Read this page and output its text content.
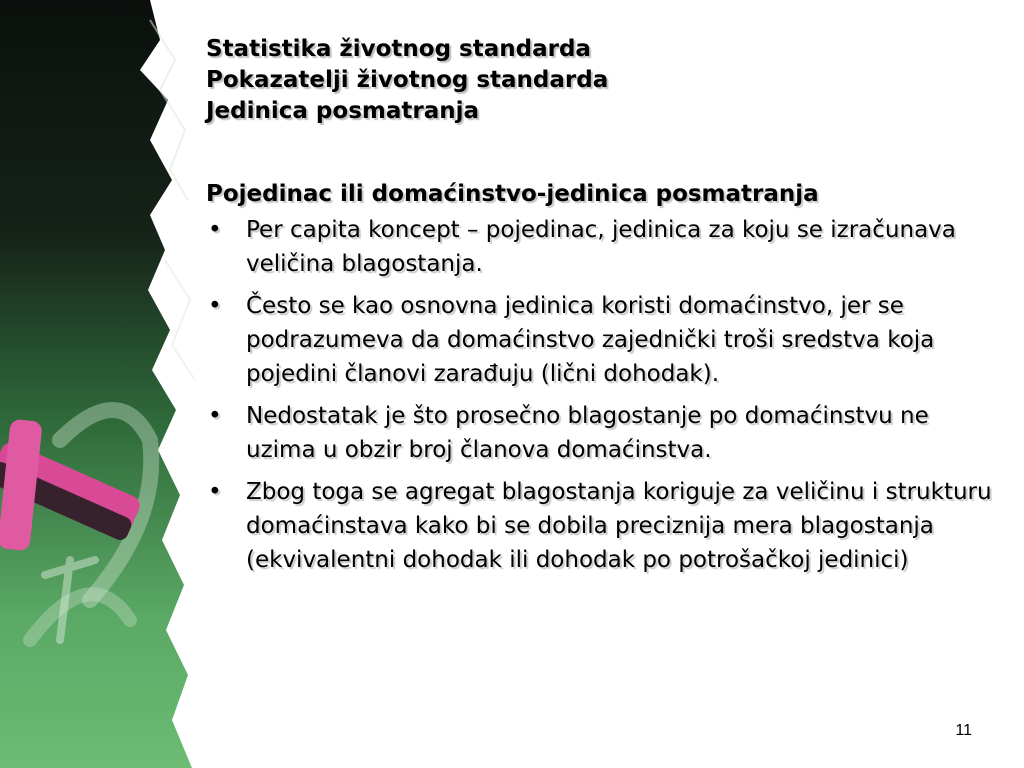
Statistika životnog standarda
Pokazatelji životnog standarda
Jedinica posmatranja
Pojedinac ili domaćinstvo-jedinica posmatranja
• Per capita koncept – pojedinac, jedinica za koju se izračunava veličina blagostanja.
• Često se kao osnovna jedinica koristi domaćinstvo, jer se podrazumeva da domaćinstvo zajednički troši sredstva koja pojedini članovi zarađuju (lični dohodak).
• Nedostatak je što prosečno blagostanje po domaćinstvu ne uzima u obzir broj članova domaćinstva.
• Zbog toga se agregat blagostanja koriguje za veličinu i strukturu domaćinstava kako bi se dobila preciznija mera blagostanja (ekvivalentni dohodak ili dohodak po potrošačkoj jedinici)
11
